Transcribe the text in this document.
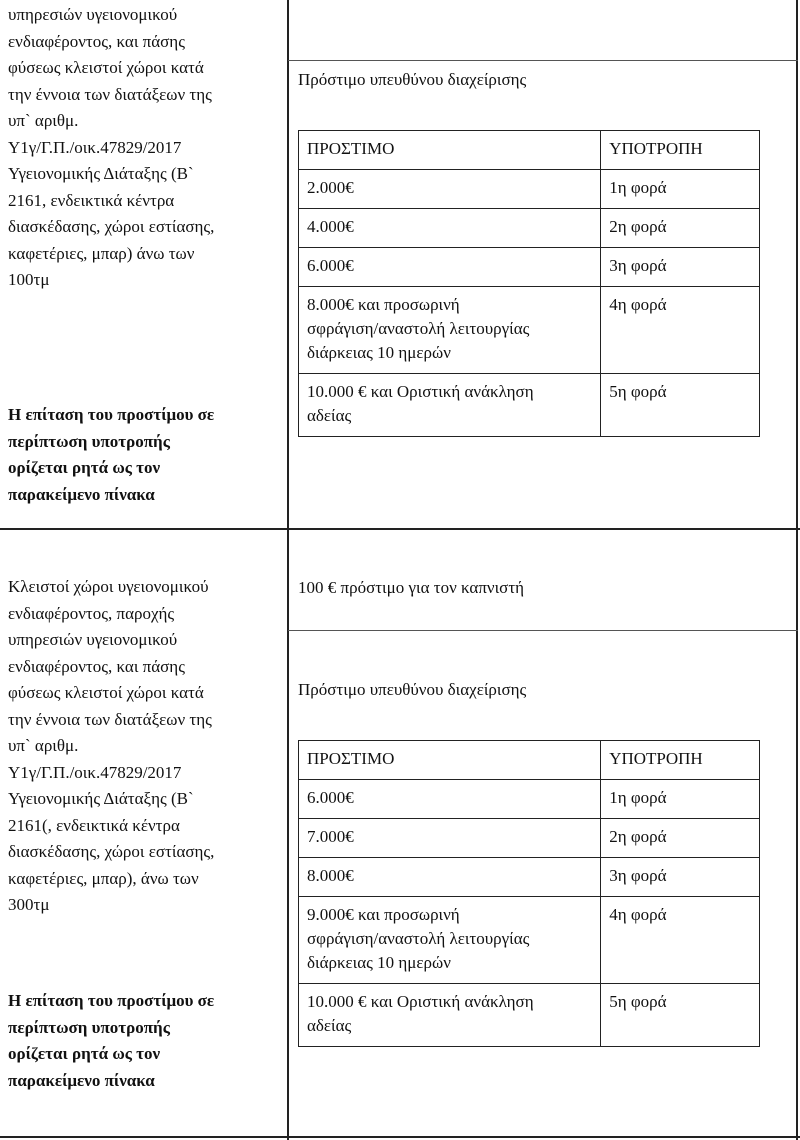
υπηρεσιών υγειονομικού
ενδιαφέροντος, και πάσης
φύσεως κλειστοί χώροι κατά
την έννοια των διατάξεων της
υπ` αριθμ.
Υ1γ/Γ.Π./οικ.47829/2017
Υγειονομικής Διάταξης (Β`
2161, ενδεικτικά κέντρα
διασκέδασης, χώροι εστίασης,
καφετέριες, μπαρ) άνω των
100τμ
Η επίταση του προστίμου σε
περίπτωση υποτροπής
ορίζεται ρητά ως τον
παρακείμενο πίνακα
Πρόστιμο υπευθύνου διαχείρισης
ΠΡΟΣΤΙΜΟ	ΥΠΟΤΡΟΠΗ
2.000€	1η φορά
4.000€	2η φορά
6.000€	3η φορά
8.000€ και προσωρινή
σφράγιση/αναστολή λειτουργίας
διάρκειας 10 ημερών	4η φορά
10.000 € και Οριστική ανάκληση
αδείας	5η φορά
Κλειστοί χώροι υγειονομικού
ενδιαφέροντος, παροχής
υπηρεσιών υγειονομικού
ενδιαφέροντος, και πάσης
φύσεως κλειστοί χώροι κατά
την έννοια των διατάξεων της
υπ` αριθμ.
Υ1γ/Γ.Π./οικ.47829/2017
Υγειονομικής Διάταξης (Β`
2161(, ενδεικτικά κέντρα
διασκέδασης, χώροι εστίασης,
καφετέριες, μπαρ), άνω των
300τμ
Η επίταση του προστίμου σε
περίπτωση υποτροπής
ορίζεται ρητά ως τον
παρακείμενο πίνακα
100 € πρόστιμο για τον καπνιστή
Πρόστιμο υπευθύνου διαχείρισης
ΠΡΟΣΤΙΜΟ	ΥΠΟΤΡΟΠΗ
6.000€	1η φορά
7.000€	2η φορά
8.000€	3η φορά
9.000€ και προσωρινή
σφράγιση/αναστολή λειτουργίας
διάρκειας 10 ημερών	4η φορά
10.000 € και Οριστική ανάκληση
αδείας	5η φορά
